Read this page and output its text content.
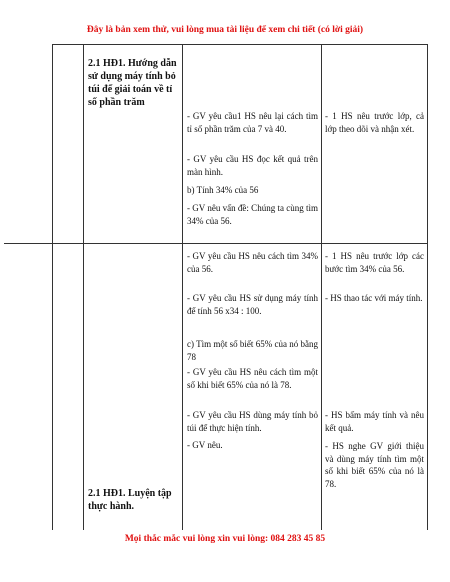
Đây là bản xem thử, vui lòng mua tài liệu để xem chi tiết (có lời giải)
2.1 HĐ1. Hướng dẫn sử dụng máy tính bỏ túi để giải toán về tỉ số phần trăm
- GV yêu cầu1 HS nêu lại cách tìm tỉ số phần trăm của 7 và 40.
- GV yêu cầu HS đọc kết quả trên màn hình.
b) Tính 34% của 56
- GV nêu vấn đề: Chúng ta cùng tìm 34% của 56.
- 1 HS nêu trước lớp, cả lớp theo dõi và nhận xét.
- GV yêu cầu HS nêu cách tìm 34% của 56.
- GV yêu cầu HS sử dụng máy tính để tính 56 x34 : 100.
c) Tìm một số biết 65% của nó bằng 78
- GV yêu cầu HS nêu cách tìm một số khi biết 65% của nó là 78.
- GV yêu cầu HS dùng máy tính bỏ túi để thực hiện tính.
- GV nêu.
- 1 HS nêu trước lớp các bước tìm 34% của 56.
- HS thao tác với máy tính.
- HS bấm máy tính và nêu kết quả.
- HS nghe GV giới thiệu và dùng máy tính tìm một số khi biết 65% của nó là 78.
2.1 HĐ1. Luyện tập thực hành.
Mọi thắc mắc vui lòng xin vui lòng: 084 283 45 85
